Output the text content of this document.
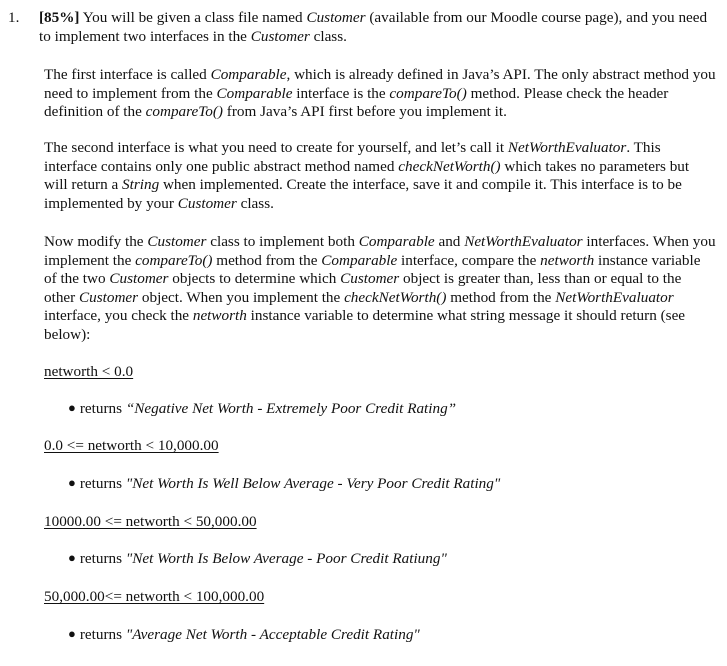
1. [85%] You will be given a class file named Customer (available from our Moodle course page), and you need to implement two interfaces in the Customer class.
The first interface is called Comparable, which is already defined in Java’s API. The only abstract method you need to implement from the Comparable interface is the compareTo() method. Please check the header definition of the compareTo() from Java’s API first before you implement it.
The second interface is what you need to create for yourself, and let’s call it NetWorthEvaluator. This interface contains only one public abstract method named checkNetWorth() which takes no parameters but will return a String when implemented. Create the interface, save it and compile it. This interface is to be implemented by your Customer class.
Now modify the Customer class to implement both Comparable and NetWorthEvaluator interfaces. When you implement the compareTo() method from the Comparable interface, compare the networth instance variable of the two Customer objects to determine which Customer object is greater than, less than or equal to the other Customer object. When you implement the checkNetWorth() method from the NetWorthEvaluator interface, you check the networth instance variable to determine what string message it should return (see below):
networth < 0.0
● returns “Negative Net Worth - Extremely Poor Credit Rating”
0.0 <= networth < 10,000.00
● returns "Net Worth Is Well Below Average - Very Poor Credit Rating"
10000.00 <= networth < 50,000.00
● returns "Net Worth Is Below Average - Poor Credit Ratiung"
50,000.00<= networth < 100,000.00
● returns "Average Net Worth - Acceptable Credit Rating"
